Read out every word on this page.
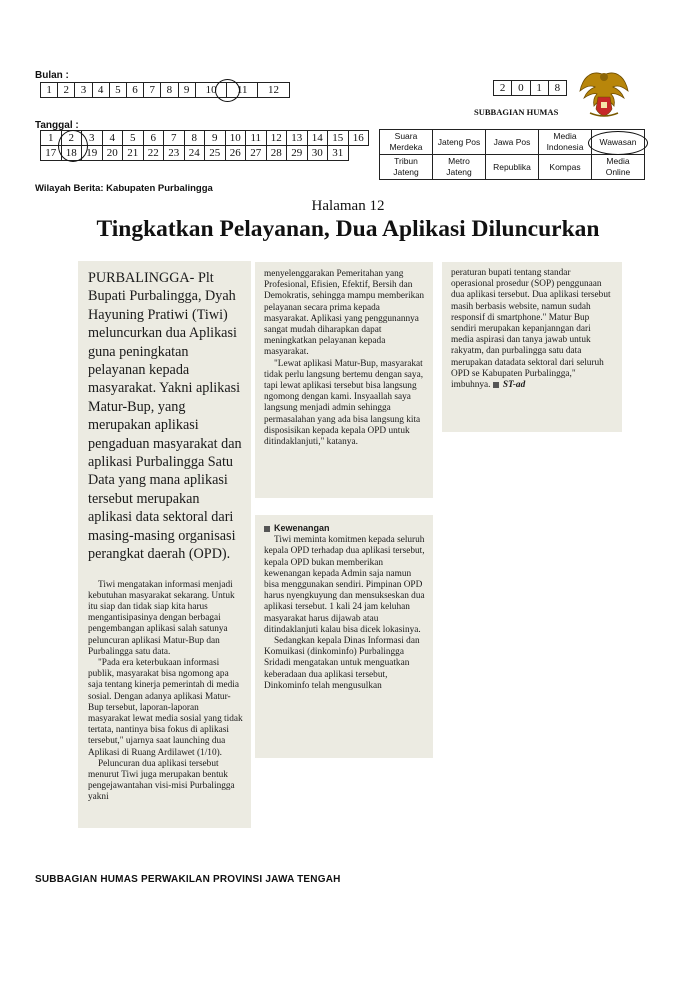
Bulan :
1	2	3	4	5	6	7	8	9	10	11	12
Tanggal :
1	2	3	4	5	6	7	8	9	10	11	12	13	14	15	16
17	18	19	20	21	22	23	24	25	26	27	28	29	30	31	
2	0	1	8
SUBBAGIAN HUMAS
Suara Merdeka	Jateng Pos	Jawa Pos	Media Indonesia	Wawasan
Tribun Jateng	Metro Jateng	Republika	Kompas	Media Online
Wilayah Berita: Kabupaten Purbalingga
Halaman 12
Tingkatkan Pelayanan, Dua Aplikasi Diluncurkan

PURBALINGGA- Plt Bupati Purbalingga, Dyah Hayuning Pratiwi (Tiwi) meluncurkan dua Aplikasi guna peningkatan pelayanan kepada masyarakat. Yakni aplikasi Matur-Bup, yang merupakan aplikasi pengaduan masyarakat dan aplikasi Purbalingga Satu Data yang mana aplikasi tersebut merupakan aplikasi data sektoral dari masing-masing organisasi perangkat daerah (OPD).

Tiwi mengatakan informasi menjadi kebutuhan masyarakat sekarang. Untuk itu siap dan tidak siap kita harus mengantisipasinya dengan berbagai pengembangan aplikasi salah satunya peluncuran aplikasi Matur-Bup dan Purbalingga satu data.

"Pada era keterbukaan informasi publik, masyarakat bisa ngomong apa saja tentang kinerja pemerintah di media sosial. Dengan adanya aplikasi Matur-Bup tersebut, laporan-laporan masyarakat lewat media sosial yang tidak tertata, nantinya bisa fokus di aplikasi tersebut," ujarnya saat launching dua Aplikasi di Ruang Ardilawet (1/10).

Peluncuran dua aplikasi tersebut menurut Tiwi juga merupakan bentuk pengejawantahan visi-misi Purbalingga yakni

menyelenggarakan Pemeritahan yang Profesional, Efisien, Efektif, Bersih dan Demokratis, sehingga mampu memberikan pelayanan secara prima kepada masyarakat. Aplikasi yang penggunannya sangat mudah diharapkan dapat meningkatkan pelayanan kepada masyarakat.

"Lewat aplikasi Matur-Bup, masyarakat tidak perlu langsung bertemu dengan saya, tapi lewat aplikasi tersebut bisa langsung ngomong dengan kami. Insyaallah saya langsung menjadi admin sehingga permasalahan yang ada bisa langsung kita disposisikan kepada kepala OPD untuk ditindaklanjuti," katanya.

peraturan bupati tentang standar operasional prosedur (SOP) penggunaan dua aplikasi tersebut. Dua aplikasi tersebut masih berbasis website, namun sudah responsif di smartphone." Matur Bup sendiri merupakan kepanjanngan dari media aspirasi dan tanya jawab untuk rakyatm, dan purbalingga satu data merupakan datadata sektoral dari seluruh OPD se Kabupaten Purbalingga," imbuhnya. ST-ad

Kewenangan

Tiwi meminta komitmen kepada seluruh kepala OPD terhadap dua aplikasi tersebut, kepala OPD bukan memberikan kewenangan kepada Admin saja namun bisa menggunakan sendiri. Pimpinan OPD harus nyengkuyung dan mensukseskan dua aplikasi tersebut. 1 kali 24 jam keluhan masyarakat harus dijawab atau ditindaklanjuti kalau bisa dicek lokasinya.

Sedangkan kepala Dinas Informasi dan Komuikasi (dinkominfo) Purbalingga Sridadi mengatakan untuk menguatkan keberadaan dua aplikasi tersebut, Dinkominfo telah mengusulkan

SUBBAGIAN HUMAS PERWAKILAN PROVINSI JAWA TENGAH
